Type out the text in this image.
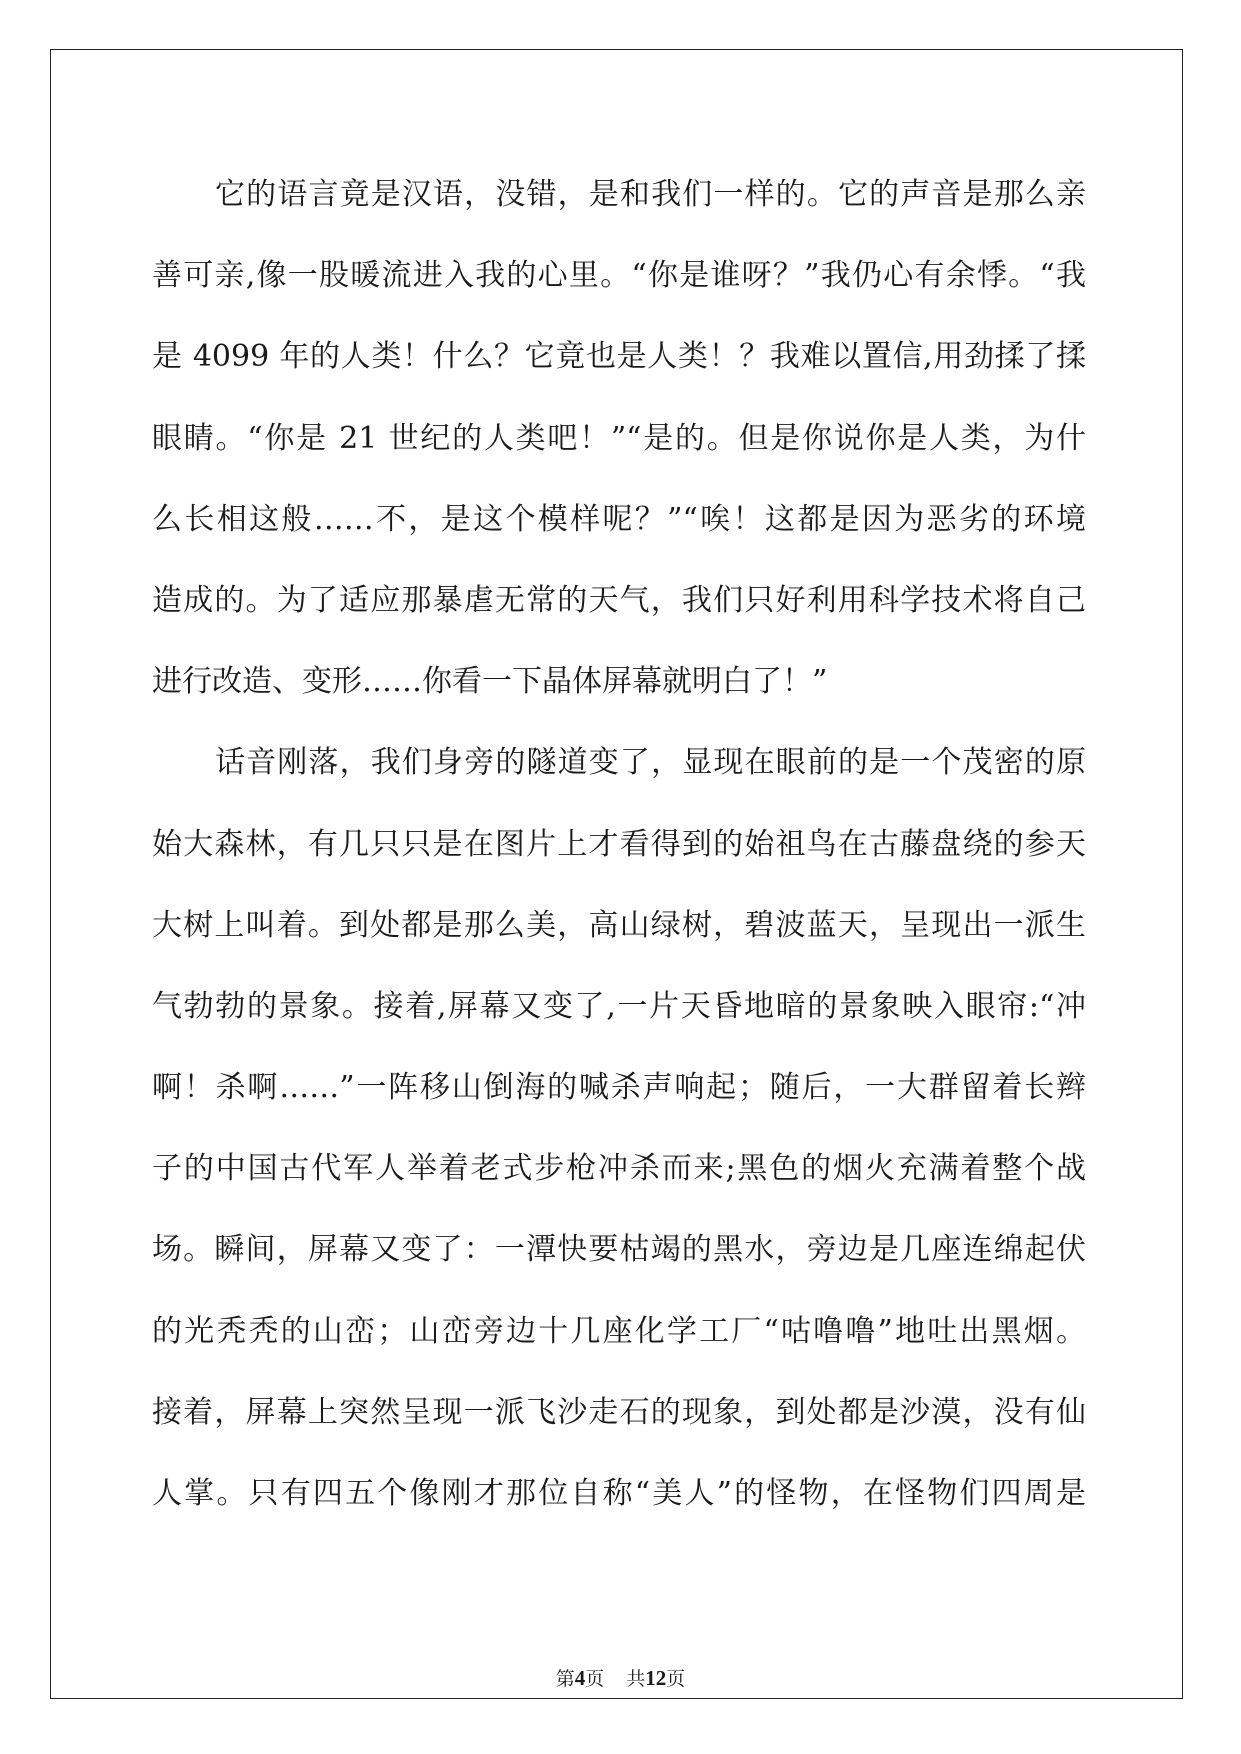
它的语言竟是汉语，没错，是和我们一样的。它的声音是那么亲
善可亲,像一股暖流进入我的心里。“你是谁呀？”我仍心有余悸。“我
是 4099 年的人类！什么？它竟也是人类！？我难以置信,用劲揉了揉
眼睛。“你是 21 世纪的人类吧！”“是的。但是你说你是人类，为什
么长相这般……不，是这个模样呢？”“唉！这都是因为恶劣的环境
造成的。为了适应那暴虐无常的天气，我们只好利用科学技术将自己
进行改造、变形……你看一下晶体屏幕就明白了！”
话音刚落，我们身旁的隧道变了，显现在眼前的是一个茂密的原
始大森林，有几只只是在图片上才看得到的始祖鸟在古藤盘绕的参天
大树上叫着。到处都是那么美，高山绿树，碧波蓝天，呈现出一派生
气勃勃的景象。接着,屏幕又变了,一片天昏地暗的景象映入眼帘:“冲
啊！杀啊……”一阵移山倒海的喊杀声响起；随后，一大群留着长辫
子的中国古代军人举着老式步枪冲杀而来;黑色的烟火充满着整个战
场。瞬间，屏幕又变了：一潭快要枯竭的黑水，旁边是几座连绵起伏
的光秃秃的山峦；山峦旁边十几座化学工厂“咕噜噜”地吐出黑烟。
接着，屏幕上突然呈现一派飞沙走石的现象，到处都是沙漠，没有仙
人掌。只有四五个像刚才那位自称“美人”的怪物，在怪物们四周是
第4页 共12页
